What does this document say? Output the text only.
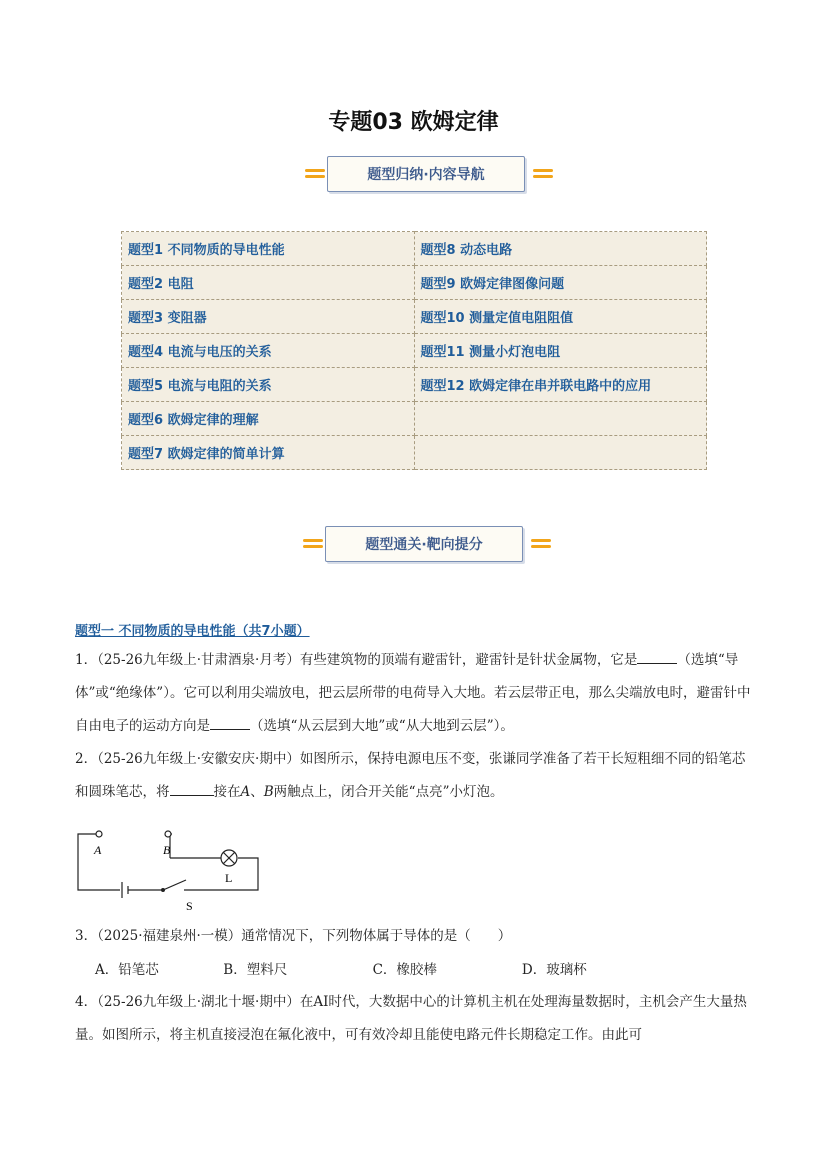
专题03 欧姆定律
题型归纳·内容导航
题型1 不同物质的导电性能	题型8 动态电路
题型2 电阻	题型9 欧姆定律图像问题
题型3 变阻器	题型10 测量定值电阻阻值
题型4 电流与电压的关系	题型11 测量小灯泡电阻
题型5 电流与电阻的关系	题型12 欧姆定律在串并联电路中的应用
题型6 欧姆定律的理解	
题型7 欧姆定律的简单计算	
题型通关·靶向提分
题型一 不同物质的导电性能（共7小题）
1．（25-26九年级上·甘肃酒泉·月考）有些建筑物的顶端有避雷针，避雷针是针状金属物，它是	（选填“导体”或“绝缘体”）。它可以利用尖端放电，把云层所带的电荷导入大地。若云层带正电，那么尖端放电时，避雷针中自由电子的运动方向是	（选填“从云层到大地”或“从大地到云层”）。
2．（25-26九年级上·安徽安庆·期中）如图所示，保持电源电压不变，张谦同学准备了若干长短粗细不同的铅笔芯和圆珠笔芯，将	接在A、B两触点上，闭合开关能“点亮”小灯泡。
A	B
L
S
3．（2025·福建泉州·一模）通常情况下，下列物体属于导体的是（　　）
A．铅笔芯	B．塑料尺	C．橡胶棒	D．玻璃杯
4．（25-26九年级上·湖北十堰·期中）在AI时代，大数据中心的计算机主机在处理海量数据时，主机会产生大量热量。如图所示，将主机直接浸泡在氟化液中，可有效冷却且能使电路元件长期稳定工作。由此可
